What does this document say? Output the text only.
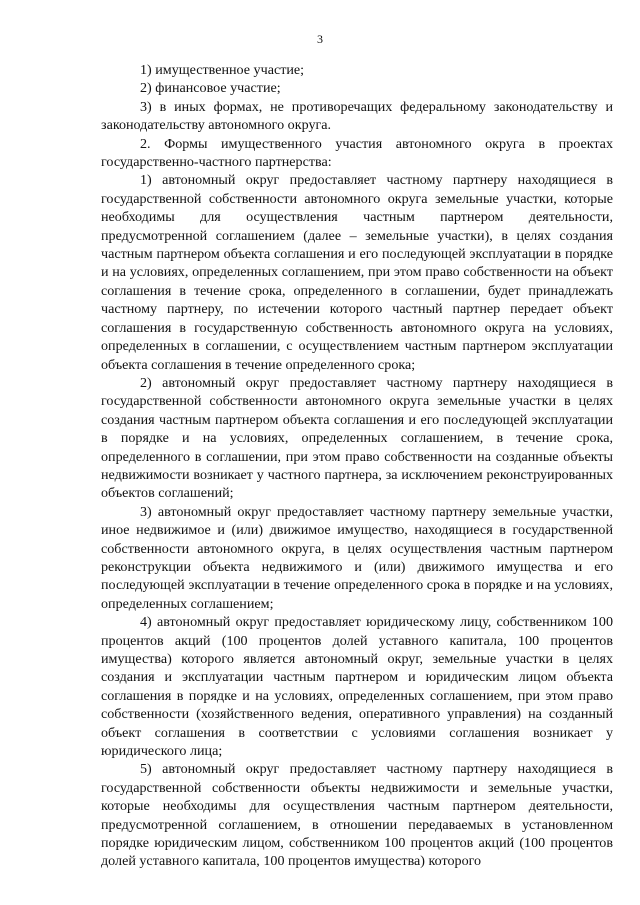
3

1) имущественное участие;

2) финансовое участие;

3) в иных формах, не противоречащих федеральному законодательству и законодательству автономного округа.

2. Формы имущественного участия автономного округа в проектах государственно-частного партнерства:

1) автономный округ предоставляет частному партнеру находящиеся в государственной собственности автономного округа земельные участки, которые необходимы для осуществления частным партнером деятельности, предусмотренной соглашением (далее – земельные участки), в целях создания частным партнером объекта соглашения и его последующей эксплуатации в порядке и на условиях, определенных соглашением, при этом право собственности на объект соглашения в течение срока, определенного в соглашении, будет принадлежать частному партнеру, по истечении которого частный партнер передает объект соглашения в государственную собственность автономного округа на условиях, определенных в соглашении, с осуществлением частным партнером эксплуатации объекта соглашения в течение определенного срока;

2) автономный округ предоставляет частному партнеру находящиеся в государственной собственности автономного округа земельные участки в целях создания частным партнером объекта соглашения и его последующей эксплуатации в порядке и на условиях, определенных соглашением, в течение срока, определенного в соглашении, при этом право собственности на созданные объекты недвижимости возникает у частного партнера, за исключением реконструированных объектов соглашений;

3) автономный округ предоставляет частному партнеру земельные участки, иное недвижимое и (или) движимое имущество, находящиеся в государственной собственности автономного округа, в целях осуществления частным партнером реконструкции объекта недвижимого и (или) движимого имущества и его последующей эксплуатации в течение определенного срока в порядке и на условиях, определенных соглашением;

4) автономный округ предоставляет юридическому лицу, собственником 100 процентов акций (100 процентов долей уставного капитала, 100 процентов имущества) которого является автономный округ, земельные участки в целях создания и эксплуатации частным партнером и юридическим лицом объекта соглашения в порядке и на условиях, определенных соглашением, при этом право собственности (хозяйственного ведения, оперативного управления) на созданный объект соглашения в соответствии с условиями соглашения возникает у юридического лица;

5) автономный округ предоставляет частному партнеру находящиеся в государственной собственности объекты недвижимости и земельные участки, которые необходимы для осуществления частным партнером деятельности, предусмотренной соглашением, в отношении передаваемых в установленном порядке юридическим лицом, собственником 100 процентов акций (100 процентов долей уставного капитала, 100 процентов имущества) которого
